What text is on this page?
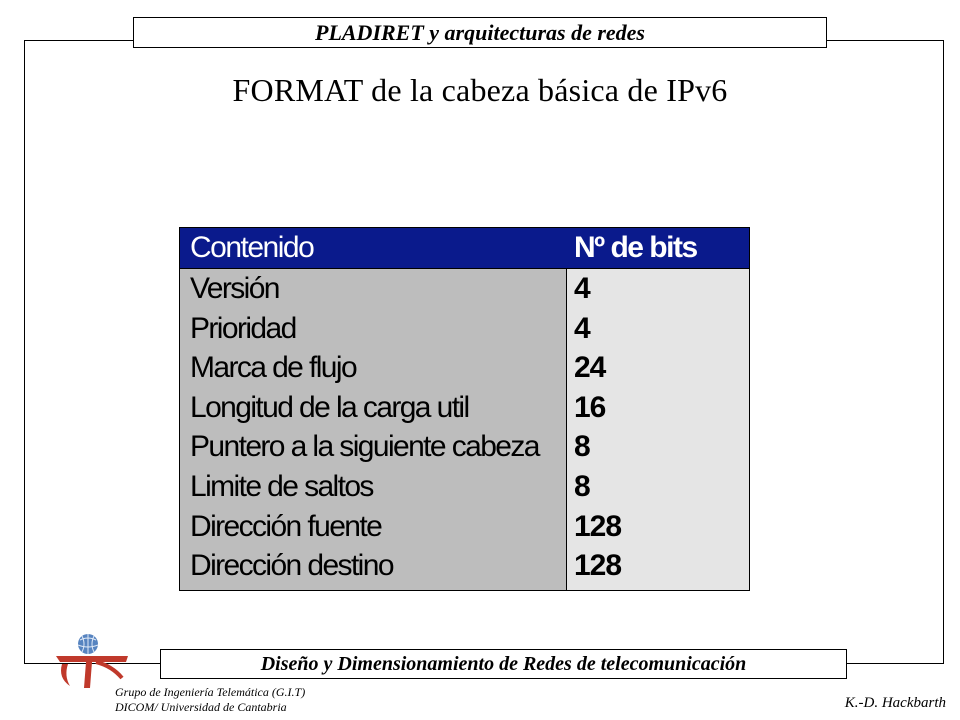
PLADIRET y arquitecturas de redes
FORMAT de la cabeza básica de IPv6
Contenido	Nº de bits
Versión	4
Prioridad	4
Marca de flujo	24
Longitud de la carga util	16
Puntero a la siguiente cabeza 8
Limite de saltos	8
Dirección fuente	128
Dirección destino	128
Diseño y Dimensionamiento de Redes de telecomunicación
Grupo de Ingeniería Telemática (G.I.T)
DICOM/ Universidad de Cantabria	K.-D. Hackbarth
